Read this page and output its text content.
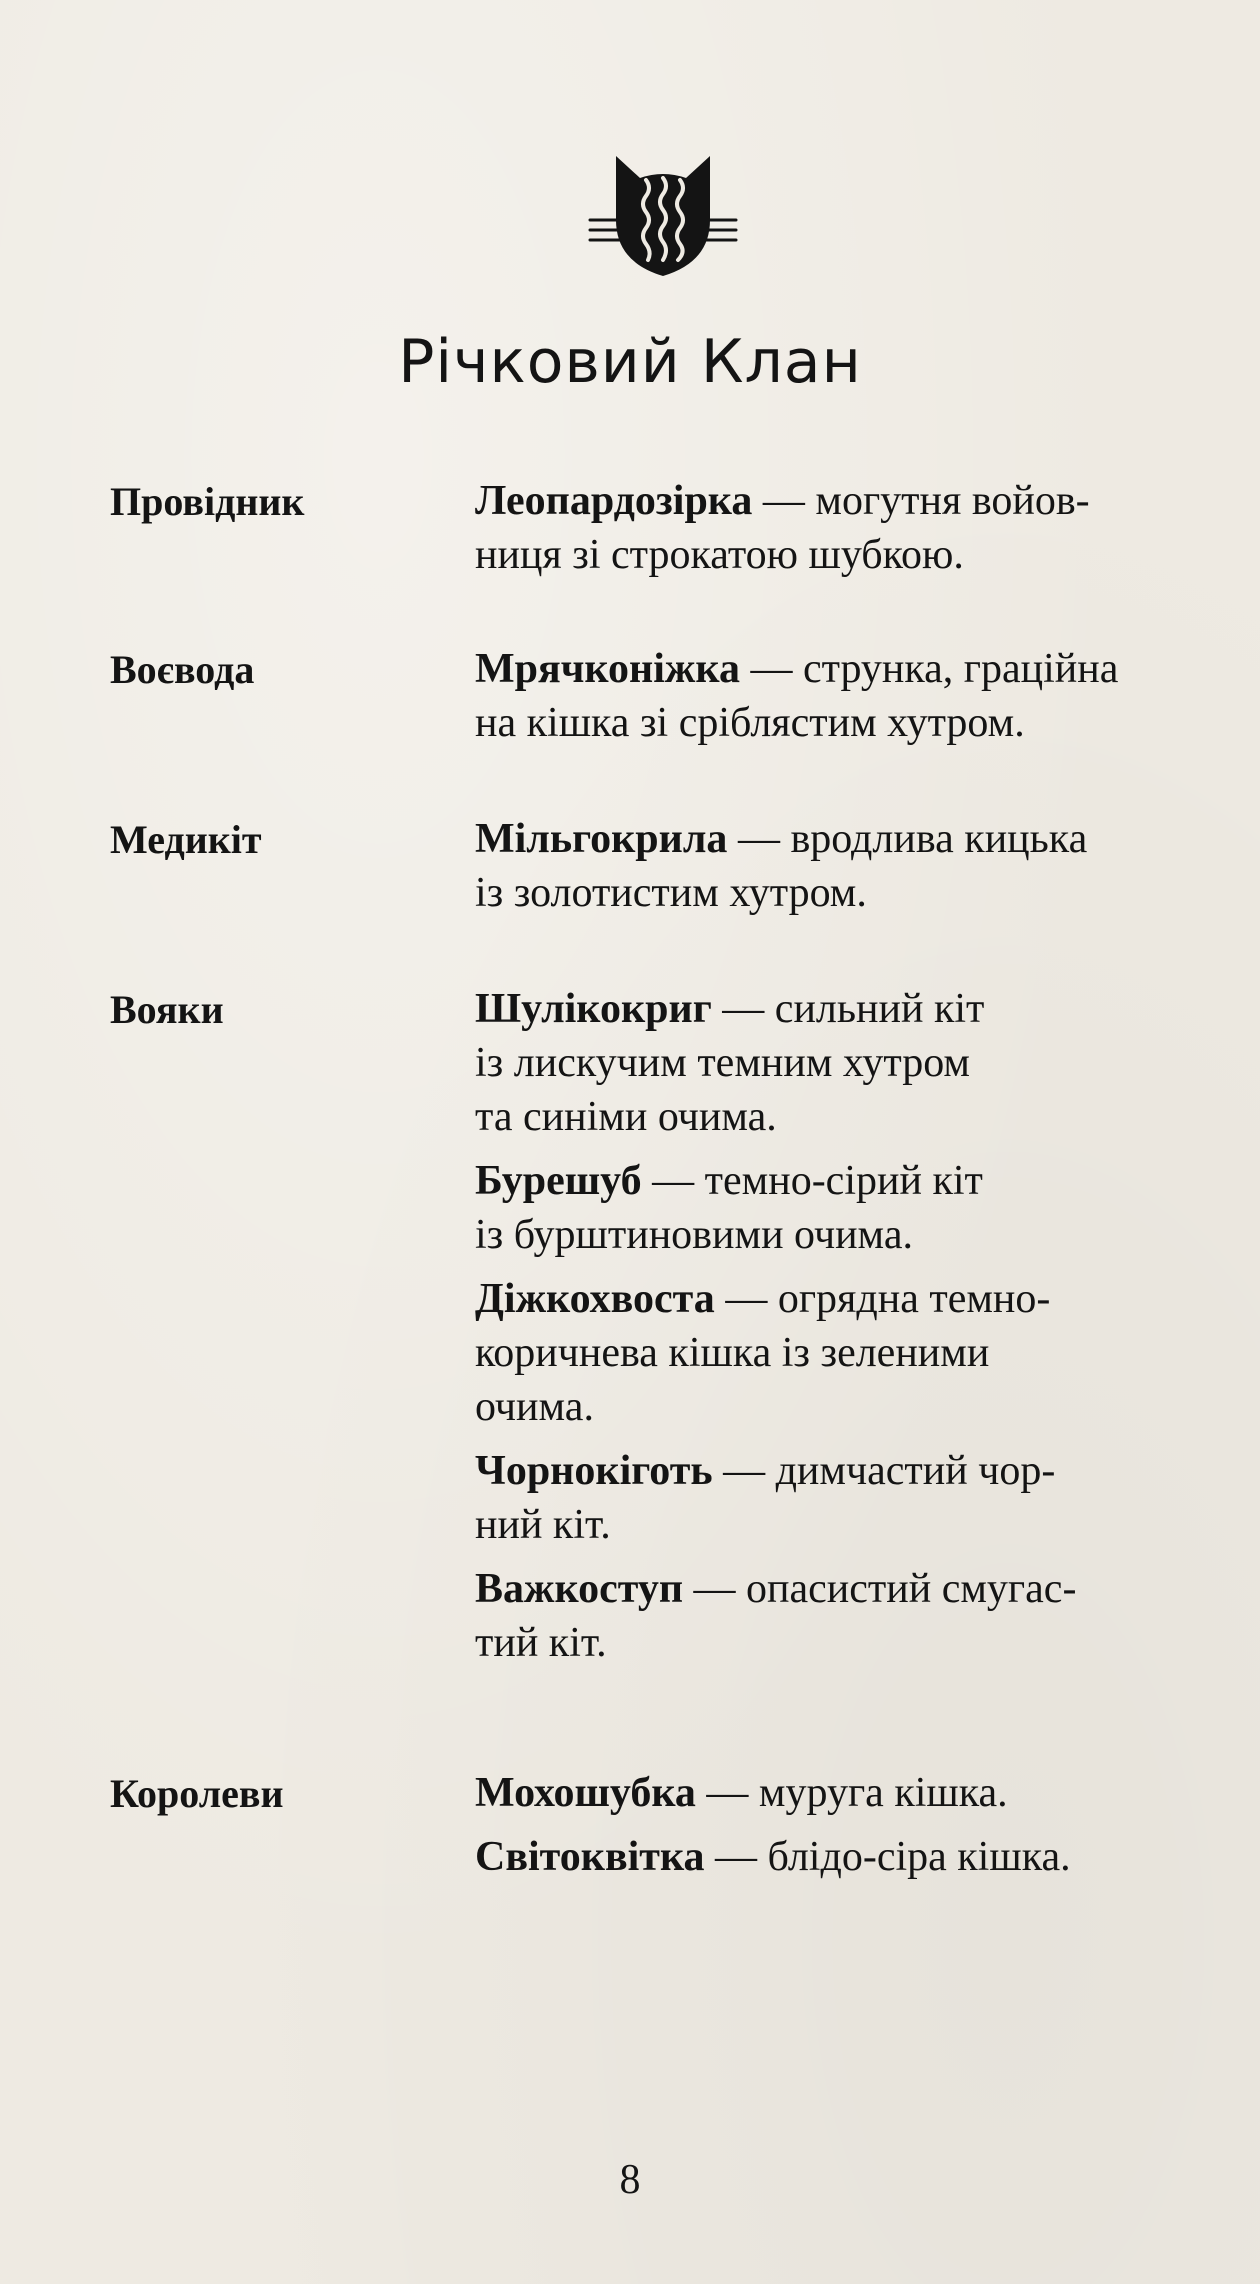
Річковий Клан
Провідник	Леопардозірка — могутня войов-
ниця зі строкатою шубкою.
Воєвода	Мрячконіжка — струнка, граційна
на кішка зі сріблястим хутром.
Медикіт	Мільгокрила — вродлива кицька
із золотистим хутром.
Вояки	Шулікокриг — сильний кіт
із лискучим темним хутром
та синіми очима.
Бурешуб — темно-сірий кіт
із бурштиновими очима.
Діжкохвоста — огрядна темно-
коричнева кішка із зеленими
очима.
Чорнокіготь — димчастий чор-
ний кіт.
Важкоступ — опасистий смугас-
тий кіт.
Королеви	Мохошубка — муруга кішка.
Світоквітка — блідо-сіра кішка.
8
